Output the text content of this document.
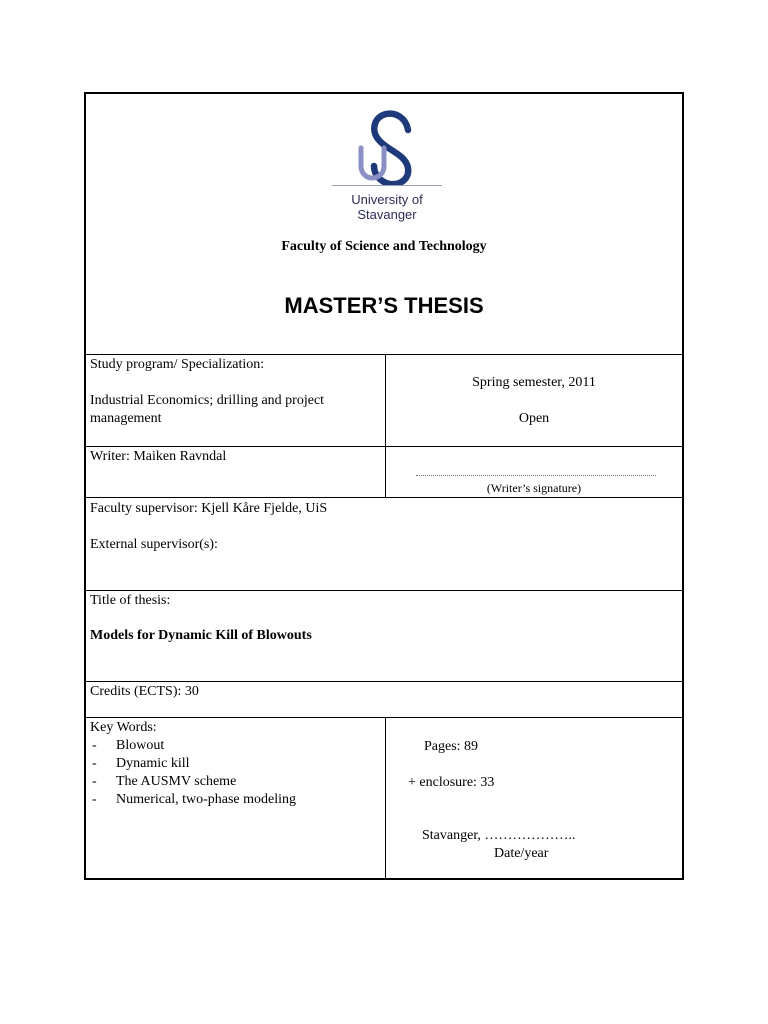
University of
Stavanger
Faculty of Science and Technology
MASTER’S THESIS
Study program/ Specialization:
Industrial Economics; drilling and project
management
Spring semester, 2011
Open
Writer: Maiken Ravndal
(Writer’s signature)
Faculty supervisor: Kjell Kåre Fjelde, UiS
External supervisor(s):
Title of thesis:
Models for Dynamic Kill of Blowouts
Credits (ECTS): 30
Key Words:
- Blowout
- Dynamic kill
- The AUSMV scheme
- Numerical, two-phase modeling
Pages: 89
+ enclosure: 33
Stavanger, ………………..
Date/year
